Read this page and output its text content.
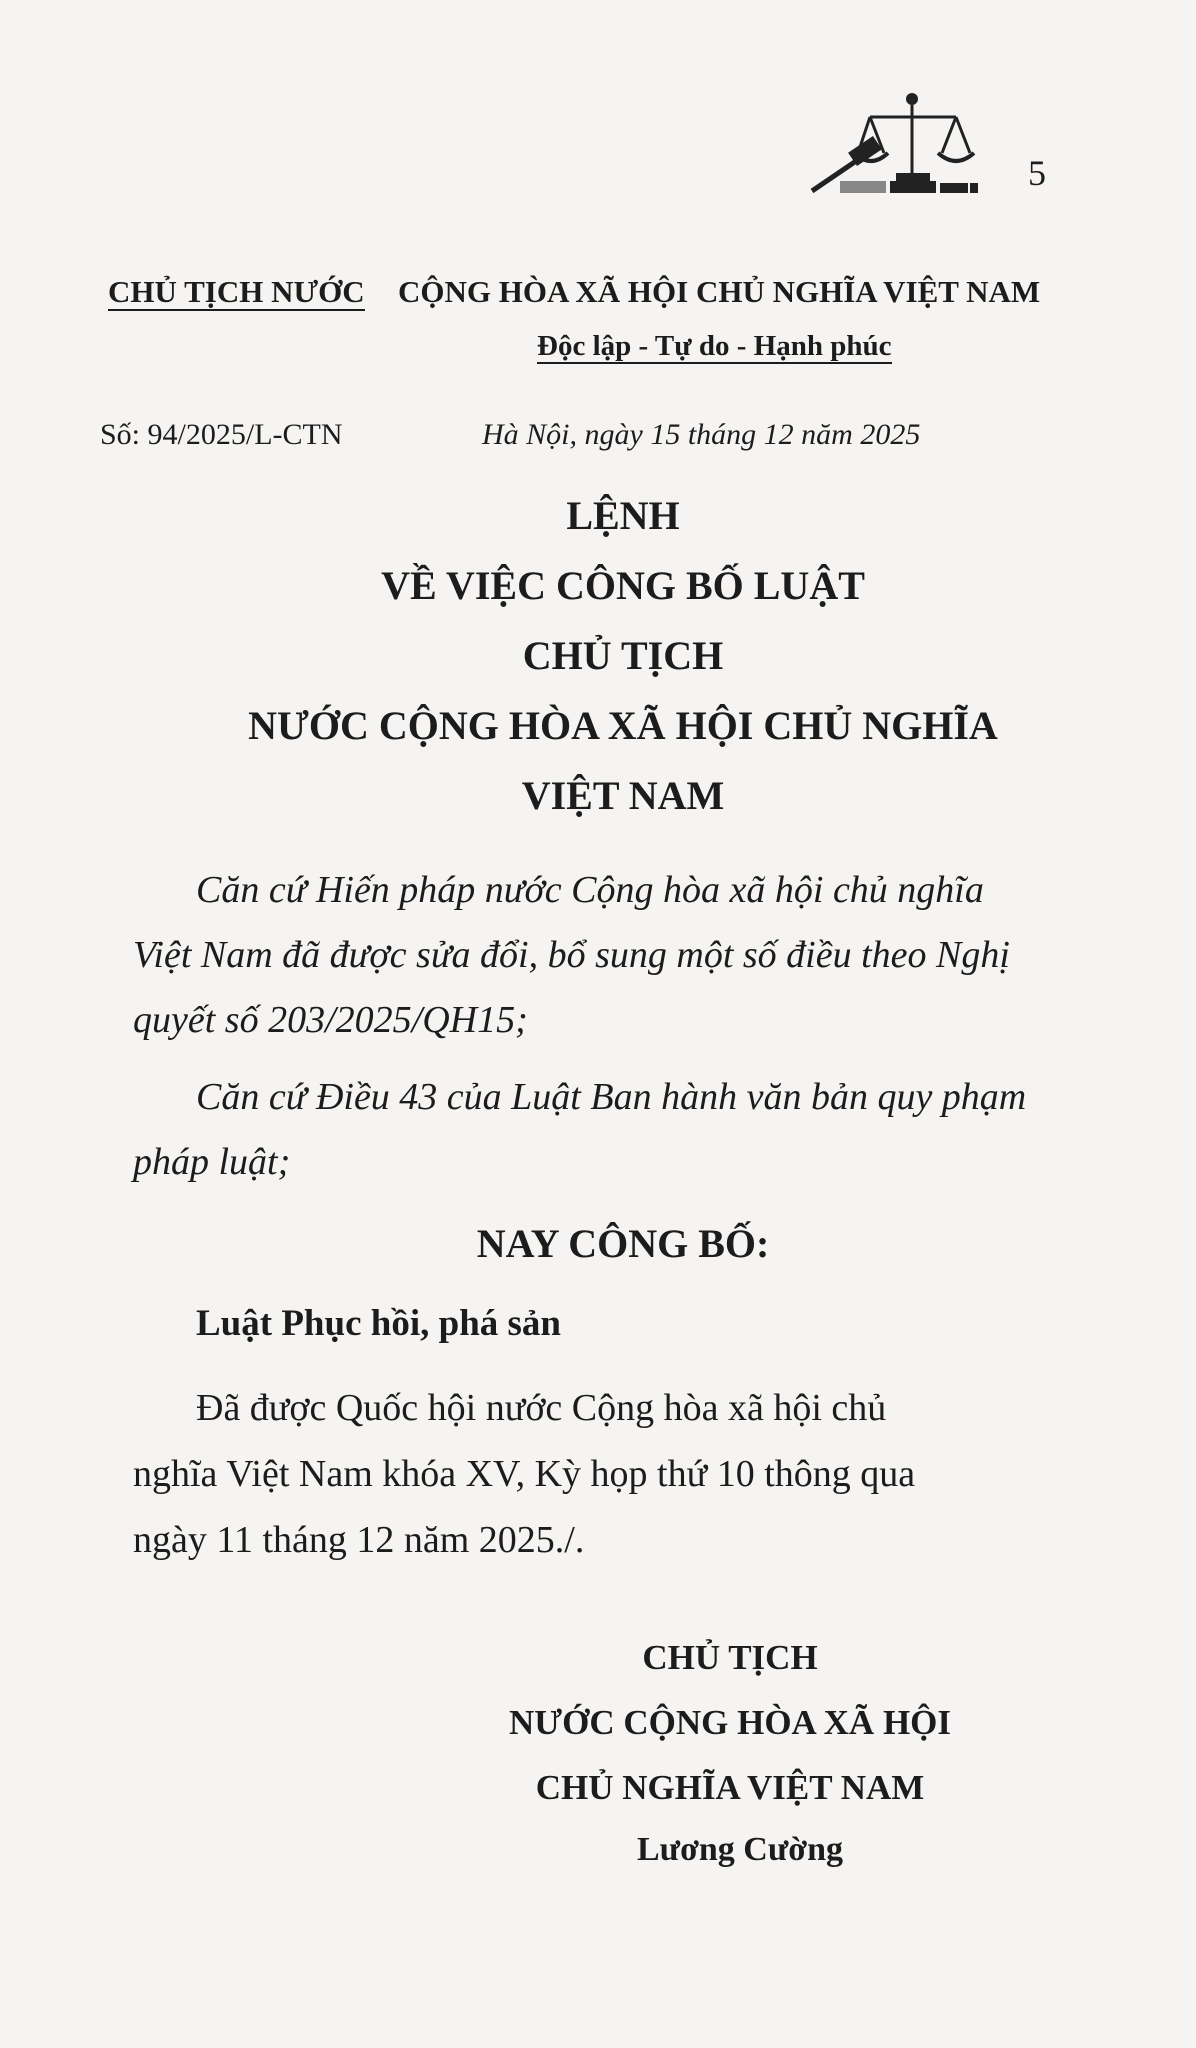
5
CHỦ TỊCH NƯỚC CỘNG HÒA XÃ HỘI CHỦ NGHĨA VIỆT NAM
Độc lập - Tự do - Hạnh phúc
Số: 94/2025/L-CTN	Hà Nội, ngày 15 tháng 12 năm 2025
LỆNH
VỀ VIỆC CÔNG BỐ LUẬT
CHỦ TỊCH
NƯỚC CỘNG HÒA XÃ HỘI CHỦ NGHĨA
VIỆT NAM
Căn cứ Hiến pháp nước Cộng hòa xã hội chủ nghĩa
Việt Nam đã được sửa đổi, bổ sung một số điều theo Nghị
quyết số 203/2025/QH15;
Căn cứ Điều 43 của Luật Ban hành văn bản quy phạm
pháp luật;
NAY CÔNG BỐ:
Luật Phục hồi, phá sản
Đã được Quốc hội nước Cộng hòa xã hội chủ
nghĩa Việt Nam khóa XV, Kỳ họp thứ 10 thông qua
ngày 11 tháng 12 năm 2025./.
CHỦ TỊCH
NƯỚC CỘNG HÒA XÃ HỘI
CHỦ NGHĨA VIỆT NAM
Lương Cường
